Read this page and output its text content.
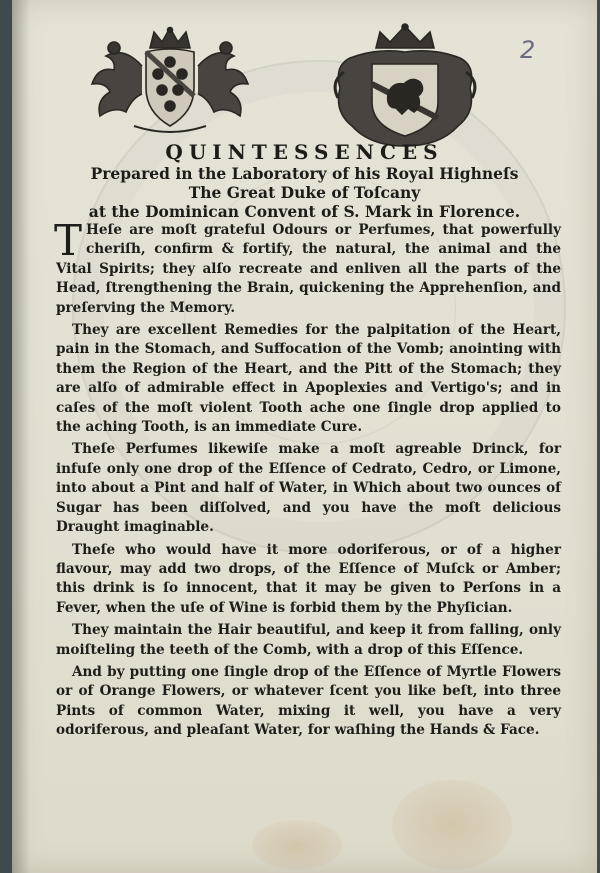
2
QUINTESSENCES
Prepared in the Laboratory of his Royal Highneſs
The Great Duke of Toſcany
at the Dominican Convent of S. Mark in Florence.

T Heſe are moſt grateful Odours or Perfumes, that powerfully cheriſh, confirm & fortify, the natural, the animal and the Vital Spirits; they alſo recreate and enliven all the parts of the Head, ſtrengthening the Brain, quickening the Apprehenſion, and preſerving the Memory.

They are excellent Remedies for the palpitation of the Heart, pain in the Stomach, and Suffocation of the Vomb; anointing with them the Region of the Heart, and the Pitt of the Stomach; they are alſo of admirable effect in Apoplexies and Vertigo's; and in caſes of the moſt violent Tooth ache one ſingle drop applied to the aching Tooth, is an immediate Cure.

Theſe Perfumes likewiſe make a moſt agreable Drinck, for infuſe only one drop of the Eſſence of Cedrato, Cedro, or Limone, into about a Pint and half of Water, in Which about two ounces of Sugar has been diſſolved, and you have the moſt delicious Draught imaginable.

Theſe who would have it more odoriferous, or of a higher flavour, may add two drops, of the Eſſence of Muſck or Amber; this drink is ſo innocent, that it may be given to Perſons in a Fever, when the uſe of Wine is forbid them by the Phyſician.

They maintain the Hair beautiful, and keep it from falling, only moiſteling the teeth of the Comb, with a drop of this Eſſence.

And by putting one ſingle drop of the Eſſence of Myrtle Flowers or of Orange Flowers, or whatever ſcent you like beſt, into three Pints of common Water, mixing it well, you have a very odoriferous, and pleaſant Water, for waſhing the Hands & Face.
